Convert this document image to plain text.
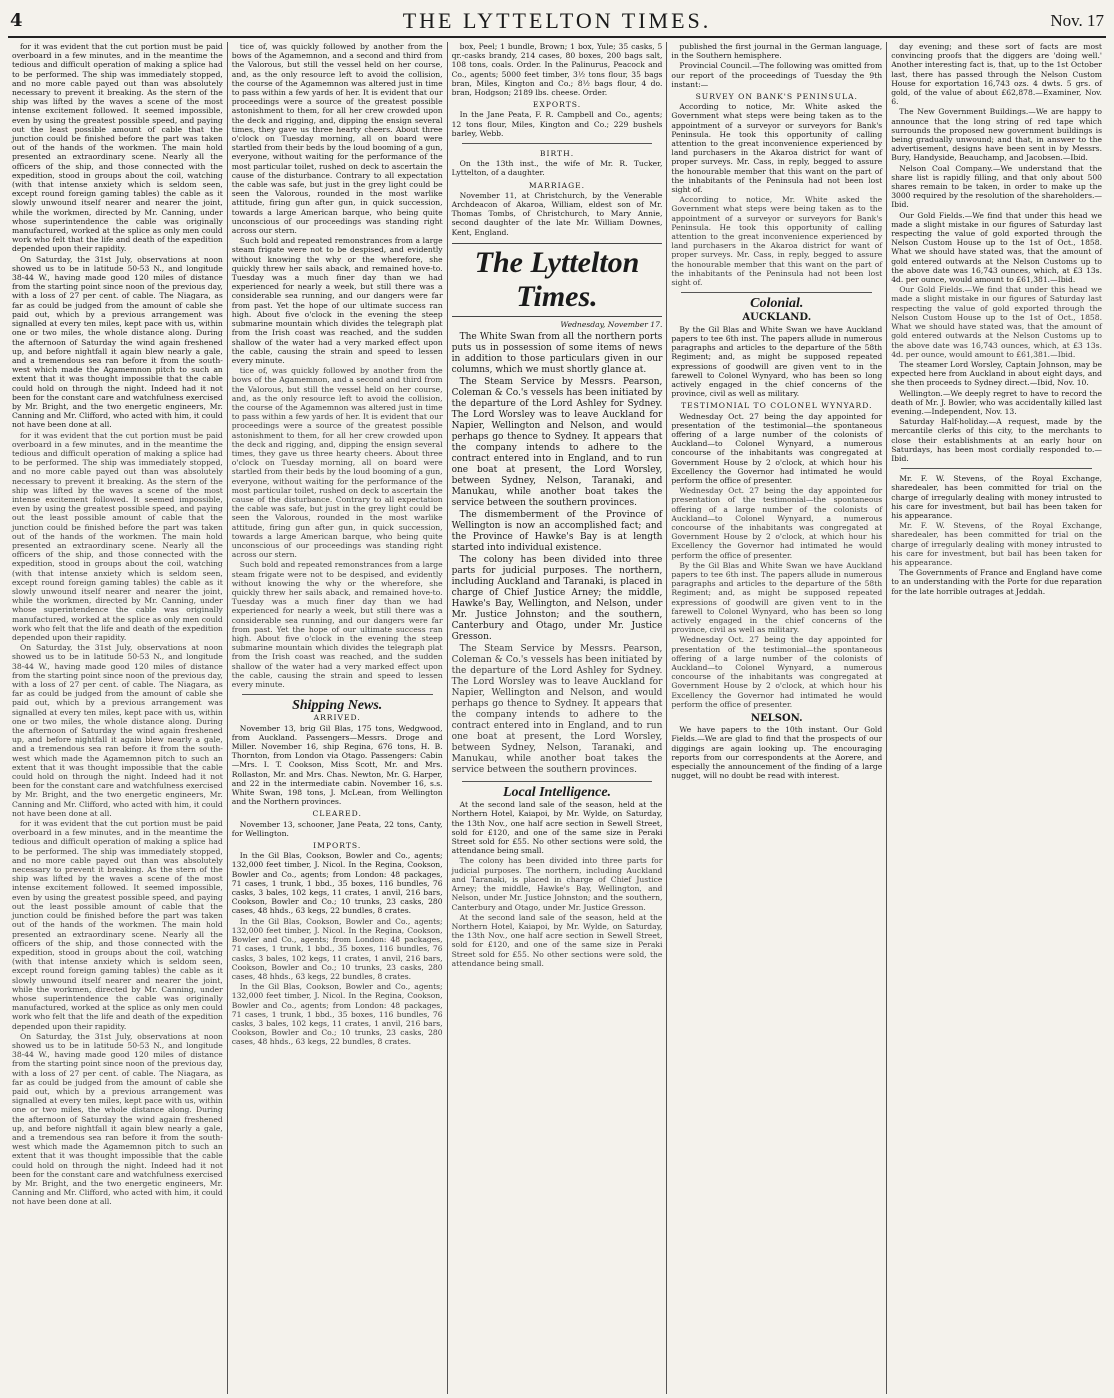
4	THE LYTTELTON TIMES.	Nov. 17

for it was evident that the cut portion must be paid overboard in a few minutes, and in the meantime the tedious and difficult operation of making a splice had to be performed. The ship was immediately stopped, and no more cable payed out than was absolutely necessary to prevent it breaking. As the stern of the ship was lifted by the waves a scene of the most intense excitement followed. It seemed impossible, even by using the greatest possible speed, and paying out the least possible amount of cable that the junction could be finished before the part was taken out of the hands of the workmen. The main hold presented an extraordinary scene. Nearly all the officers of the ship, and those connected with the expedition, stood in groups about the coil, watching (with that intense anxiety which is seldom seen, except round foreign gaming tables) the cable as it slowly unwound itself nearer and nearer the joint, while the workmen, directed by Mr. Canning, under whose superintendence the cable was originally manufactured, worked at the splice as only men could work who felt that the life and death of the expedition depended upon their rapidity.

On Saturday, the 31st July, observations at noon showed us to be in latitude 50-53 N., and longitude 38-44 W., having made good 120 miles of distance from the starting point since noon of the previous day, with a loss of 27 per cent. of cable. The Niagara, as far as could be judged from the amount of cable she paid out, which by a previous arrangement was signalled at every ten miles, kept pace with us, within one or two miles, the whole distance along. During the afternoon of Saturday the wind again freshened up, and before nightfall it again blew nearly a gale, and a tremendous sea ran before it from the south-west which made the Agamemnon pitch to such an extent that it was thought impossible that the cable could hold on through the night. Indeed had it not been for the constant care and watchfulness exercised by Mr. Bright, and the two energetic engineers, Mr. Canning and Mr. Clifford, who acted with him, it could not have been done at all.

for it was evident that the cut portion must be paid overboard in a few minutes, and in the meantime the tedious and difficult operation of making a splice had to be performed. The ship was immediately stopped, and no more cable payed out than was absolutely necessary to prevent it breaking. As the stern of the ship was lifted by the waves a scene of the most intense excitement followed. It seemed impossible, even by using the greatest possible speed, and paying out the least possible amount of cable that the junction could be finished before the part was taken out of the hands of the workmen. The main hold presented an extraordinary scene. Nearly all the officers of the ship, and those connected with the expedition, stood in groups about the coil, watching (with that intense anxiety which is seldom seen, except round foreign gaming tables) the cable as it slowly unwound itself nearer and nearer the joint, while the workmen, directed by Mr. Canning, under whose superintendence the cable was originally manufactured, worked at the splice as only men could work who felt that the life and death of the expedition depended upon their rapidity.

On Saturday, the 31st July, observations at noon showed us to be in latitude 50-53 N., and longitude 38-44 W., having made good 120 miles of distance from the starting point since noon of the previous day, with a loss of 27 per cent. of cable. The Niagara, as far as could be judged from the amount of cable she paid out, which by a previous arrangement was signalled at every ten miles, kept pace with us, within one or two miles, the whole distance along. During the afternoon of Saturday the wind again freshened up, and before nightfall it again blew nearly a gale, and a tremendous sea ran before it from the south-west which made the Agamemnon pitch to such an extent that it was thought impossible that the cable could hold on through the night. Indeed had it not been for the constant care and watchfulness exercised by Mr. Bright, and the two energetic engineers, Mr. Canning and Mr. Clifford, who acted with him, it could not have been done at all.

for it was evident that the cut portion must be paid overboard in a few minutes, and in the meantime the tedious and difficult operation of making a splice had to be performed. The ship was immediately stopped, and no more cable payed out than was absolutely necessary to prevent it breaking. As the stern of the ship was lifted by the waves a scene of the most intense excitement followed. It seemed impossible, even by using the greatest possible speed, and paying out the least possible amount of cable that the junction could be finished before the part was taken out of the hands of the workmen. The main hold presented an extraordinary scene. Nearly all the officers of the ship, and those connected with the expedition, stood in groups about the coil, watching (with that intense anxiety which is seldom seen, except round foreign gaming tables) the cable as it slowly unwound itself nearer and nearer the joint, while the workmen, directed by Mr. Canning, under whose superintendence the cable was originally manufactured, worked at the splice as only men could work who felt that the life and death of the expedition depended upon their rapidity.

On Saturday, the 31st July, observations at noon showed us to be in latitude 50-53 N., and longitude 38-44 W., having made good 120 miles of distance from the starting point since noon of the previous day, with a loss of 27 per cent. of cable. The Niagara, as far as could be judged from the amount of cable she paid out, which by a previous arrangement was signalled at every ten miles, kept pace with us, within one or two miles, the whole distance along. During the afternoon of Saturday the wind again freshened up, and before nightfall it again blew nearly a gale, and a tremendous sea ran before it from the south-west which made the Agamemnon pitch to such an extent that it was thought impossible that the cable could hold on through the night. Indeed had it not been for the constant care and watchfulness exercised by Mr. Bright, and the two energetic engineers, Mr. Canning and Mr. Clifford, who acted with him, it could not have been done at all.

tice of, was quickly followed by another from the bows of the Agamemnon, and a second and third from the Valorous, but still the vessel held on her course, and, as the only resource left to avoid the collision, the course of the Agamemnon was altered just in time to pass within a few yards of her. It is evident that our proceedings were a source of the greatest possible astonishment to them, for all her crew crowded upon the deck and rigging, and, dipping the ensign several times, they gave us three hearty cheers. About three o'clock on Tuesday morning, all on board were startled from their beds by the loud booming of a gun, everyone, without waiting for the performance of the most particular toilet, rushed on deck to ascertain the cause of the disturbance. Contrary to all expectation the cable was safe, but just in the grey light could be seen the Valorous, rounded in the most warlike attitude, firing gun after gun, in quick succession, towards a large American barque, who being quite unconscious of our proceedings was standing right across our stern.

Such bold and repeated remonstrances from a large steam frigate were not to be despised, and evidently without knowing the why or the wherefore, she quickly threw her sails aback, and remained hove-to. Tuesday was a much finer day than we had experienced for nearly a week, but still there was a considerable sea running, and our dangers were far from past. Yet the hope of our ultimate success ran high. About five o'clock in the evening the steep submarine mountain which divides the telegraph plat from the Irish coast was reached, and the sudden shallow of the water had a very marked effect upon the cable, causing the strain and speed to lessen every minute.

tice of, was quickly followed by another from the bows of the Agamemnon, and a second and third from the Valorous, but still the vessel held on her course, and, as the only resource left to avoid the collision, the course of the Agamemnon was altered just in time to pass within a few yards of her. It is evident that our proceedings were a source of the greatest possible astonishment to them, for all her crew crowded upon the deck and rigging, and, dipping the ensign several times, they gave us three hearty cheers. About three o'clock on Tuesday morning, all on board were startled from their beds by the loud booming of a gun, everyone, without waiting for the performance of the most particular toilet, rushed on deck to ascertain the cause of the disturbance. Contrary to all expectation the cable was safe, but just in the grey light could be seen the Valorous, rounded in the most warlike attitude, firing gun after gun, in quick succession, towards a large American barque, who being quite unconscious of our proceedings was standing right across our stern.

Such bold and repeated remonstrances from a large steam frigate were not to be despised, and evidently without knowing the why or the wherefore, she quickly threw her sails aback, and remained hove-to. Tuesday was a much finer day than we had experienced for nearly a week, but still there was a considerable sea running, and our dangers were far from past. Yet the hope of our ultimate success ran high. About five o'clock in the evening the steep submarine mountain which divides the telegraph plat from the Irish coast was reached, and the sudden shallow of the water had a very marked effect upon the cable, causing the strain and speed to lessen every minute.

Shipping News.
ARRIVED.

November 13, brig Gil Blas, 175 tons, Wedgwood, from Auckland. Passengers—Messrs. Droge and Miller. November 16, ship Regina, 676 tons, H. B. Thornton, from London via Otago. Passengers: Cabin—Mrs. I. T. Cookson, Miss Scott, Mr. and Mrs. Rollaston, Mr. and Mrs. Chas. Newton, Mr. G. Harper, and 22 in the intermediate cabin. November 16, s.s. White Swan, 198 tons, J. McLean, from Wellington and the Northern provinces.

CLEARED.

November 13, schooner, Jane Peata, 22 tons, Canty, for Wellington.

IMPORTS.

In the Gil Blas, Cookson, Bowler and Co., agents; 132,000 feet timber, J. Nicol. In the Regina, Cookson, Bowler and Co., agents; from London: 48 packages, 71 cases, 1 trunk, 1 bbd., 35 boxes, 116 bundles, 76 casks, 3 bales, 102 kegs, 11 crates, 1 anvil, 216 bars, Cookson, Bowler and Co.; 10 trunks, 23 casks, 280 cases, 48 hhds., 63 kegs, 22 bundles, 8 crates.

In the Gil Blas, Cookson, Bowler and Co., agents; 132,000 feet timber, J. Nicol. In the Regina, Cookson, Bowler and Co., agents; from London: 48 packages, 71 cases, 1 trunk, 1 bbd., 35 boxes, 116 bundles, 76 casks, 3 bales, 102 kegs, 11 crates, 1 anvil, 216 bars, Cookson, Bowler and Co.; 10 trunks, 23 casks, 280 cases, 48 hhds., 63 kegs, 22 bundles, 8 crates.

In the Gil Blas, Cookson, Bowler and Co., agents; 132,000 feet timber, J. Nicol. In the Regina, Cookson, Bowler and Co., agents; from London: 48 packages, 71 cases, 1 trunk, 1 bbd., 35 boxes, 116 bundles, 76 casks, 3 bales, 102 kegs, 11 crates, 1 anvil, 216 bars, Cookson, Bowler and Co.; 10 trunks, 23 casks, 280 cases, 48 hhds., 63 kegs, 22 bundles, 8 crates.

box, Peel; 1 bundle, Brown; 1 box, Yule; 35 casks, 5 qr.-casks brandy, 214 cases, 80 boxes, 200 bags salt, 108 tons, coals. Order. In the Palinurus, Peacock and Co., agents; 5000 feet timber, 3½ tons flour, 35 bags bran, Miles, Kington and Co.; 8½ bags flour, 4 do. bran, Hodgson; 2189 lbs. cheese. Order.

EXPORTS.

In the Jane Peata, F. R. Campbell and Co., agents; 12 tons flour, Miles, Kington and Co.; 229 bushels barley, Webb.

BIRTH.

On the 13th inst., the wife of Mr. R. Tucker, Lyttelton, of a daughter.

MARRIAGE.

November 11, at Christchurch, by the Venerable Archdeacon of Akaroa, William, eldest son of Mr. Thomas Tombs, of Christchurch, to Mary Annie, second daughter of the late Mr. William Downes, Kent, England.

The Lyttelton Times.
Wednesday, November 17.

The White Swan from all the northern ports puts us in possession of some items of news in addition to those particulars given in our columns, which we must shortly glance at.

The Steam Service by Messrs. Pearson, Coleman & Co.'s vessels has been initiated by the departure of the Lord Ashley for Sydney. The Lord Worsley was to leave Auckland for Napier, Wellington and Nelson, and would perhaps go thence to Sydney. It appears that the company intends to adhere to the contract entered into in England, and to run one boat at present, the Lord Worsley, between Sydney, Nelson, Taranaki, and Manukau, while another boat takes the service between the southern provinces.

The dismemberment of the Province of Wellington is now an accomplished fact; and the Province of Hawke's Bay is at length started into individual existence.

The colony has been divided into three parts for judicial purposes. The northern, including Auckland and Taranaki, is placed in charge of Chief Justice Arney; the middle, Hawke's Bay, Wellington, and Nelson, under Mr. Justice Johnston; and the southern, Canterbury and Otago, under Mr. Justice Gresson.

The Steam Service by Messrs. Pearson, Coleman & Co.'s vessels has been initiated by the departure of the Lord Ashley for Sydney. The Lord Worsley was to leave Auckland for Napier, Wellington and Nelson, and would perhaps go thence to Sydney. It appears that the company intends to adhere to the contract entered into in England, and to run one boat at present, the Lord Worsley, between Sydney, Nelson, Taranaki, and Manukau, while another boat takes the service between the southern provinces.

Local Intelligence.

At the second land sale of the season, held at the Northern Hotel, Kaiapoi, by Mr. Wylde, on Saturday, the 13th Nov., one half acre section in Sewell Street, sold for £120, and one of the same size in Peraki Street sold for £55. No other sections were sold, the attendance being small.

The colony has been divided into three parts for judicial purposes. The northern, including Auckland and Taranaki, is placed in charge of Chief Justice Arney; the middle, Hawke's Bay, Wellington, and Nelson, under Mr. Justice Johnston; and the southern, Canterbury and Otago, under Mr. Justice Gresson.

At the second land sale of the season, held at the Northern Hotel, Kaiapoi, by Mr. Wylde, on Saturday, the 13th Nov., one half acre section in Sewell Street, sold for £120, and one of the same size in Peraki Street sold for £55. No other sections were sold, the attendance being small.

published the first journal in the German language, in the Southern hemisphere.

Provincial Council.—The following was omitted from our report of the proceedings of Tuesday the 9th instant:—

SURVEY ON BANK'S PENINSULA.

According to notice, Mr. White asked the Government what steps were being taken as to the appointment of a surveyor or surveyors for Bank's Peninsula. He took this opportunity of calling attention to the great inconvenience experienced by land purchasers in the Akaroa district for want of proper surveys. Mr. Cass, in reply, begged to assure the honourable member that this want on the part of the inhabitants of the Peninsula had not been lost sight of.

According to notice, Mr. White asked the Government what steps were being taken as to the appointment of a surveyor or surveyors for Bank's Peninsula. He took this opportunity of calling attention to the great inconvenience experienced by land purchasers in the Akaroa district for want of proper surveys. Mr. Cass, in reply, begged to assure the honourable member that this want on the part of the inhabitants of the Peninsula had not been lost sight of.

Colonial.
AUCKLAND.

By the Gil Blas and White Swan we have Auckland papers to tee 6th inst. The papers allude in numerous paragraphs and articles to the departure of the 58th Regiment; and, as might be supposed repeated expressions of goodwill are given vent to in the farewell to Colonel Wynyard, who has been so long actively engaged in the chief concerns of the province, civil as well as military.

TESTIMONIAL TO COLONEL WYNYARD.

Wednesday Oct. 27 being the day appointed for presentation of the testimonial—the spontaneous offering of a large number of the colonists of Auckland—to Colonel Wynyard, a numerous concourse of the inhabitants was congregated at Government House by 2 o'clock, at which hour his Excellency the Governor had intimated he would perform the office of presenter.

Wednesday Oct. 27 being the day appointed for presentation of the testimonial—the spontaneous offering of a large number of the colonists of Auckland—to Colonel Wynyard, a numerous concourse of the inhabitants was congregated at Government House by 2 o'clock, at which hour his Excellency the Governor had intimated he would perform the office of presenter.

By the Gil Blas and White Swan we have Auckland papers to tee 6th inst. The papers allude in numerous paragraphs and articles to the departure of the 58th Regiment; and, as might be supposed repeated expressions of goodwill are given vent to in the farewell to Colonel Wynyard, who has been so long actively engaged in the chief concerns of the province, civil as well as military.

Wednesday Oct. 27 being the day appointed for presentation of the testimonial—the spontaneous offering of a large number of the colonists of Auckland—to Colonel Wynyard, a numerous concourse of the inhabitants was congregated at Government House by 2 o'clock, at which hour his Excellency the Governor had intimated he would perform the office of presenter.

NELSON.

We have papers to the 10th instant. Our Gold Fields.—We are glad to find that the prospects of our diggings are again looking up. The encouraging reports from our correspondents at the Aorere, and especially the announcement of the finding of a large nugget, will no doubt be read with interest.

day evening; and these sort of facts are most convincing proofs that the diggers are 'doing well.' Another interesting fact is, that, up to the 1st October last, there has passed through the Nelson Custom House for exportation 16,743 ozs. 4 dwts. 5 grs. of gold, of the value of about £62,878.—Examiner, Nov. 6.

The New Government Buildings.—We are happy to announce that the long string of red tape which surrounds the proposed new government buildings is being gradually unwound; and that, in answer to the advertisement, designs have been sent in by Messrs. Bury, Handyside, Beauchamp, and Jacobsen.—Ibid.

Nelson Coal Company.—We understand that the share list is rapidly filling, and that only about 500 shares remain to be taken, in order to make up the 3000 required by the resolution of the shareholders.—Ibid.

Our Gold Fields.—We find that under this head we made a slight mistake in our figures of Saturday last respecting the value of gold exported through the Nelson Custom House up to the 1st of Oct., 1858. What we should have stated was, that the amount of gold entered outwards at the Nelson Customs up to the above date was 16,743 ounces, which, at £3 13s. 4d. per ounce, would amount to £61,381.—Ibid.

Our Gold Fields.—We find that under this head we made a slight mistake in our figures of Saturday last respecting the value of gold exported through the Nelson Custom House up to the 1st of Oct., 1858. What we should have stated was, that the amount of gold entered outwards at the Nelson Customs up to the above date was 16,743 ounces, which, at £3 13s. 4d. per ounce, would amount to £61,381.—Ibid.

The steamer Lord Worsley, Captain Johnson, may be expected here from Auckland in about eight days, and she then proceeds to Sydney direct.—Ibid, Nov. 10.

Wellington.—We deeply regret to have to record the death of Mr. J. Bowler, who was accidentally killed last evening.—Independent, Nov. 13.

Saturday Half-holiday.—A request, made by the mercantile clerks of this city, to the merchants to close their establishments at an early hour on Saturdays, has been most cordially responded to.—Ibid.

Mr. F. W. Stevens, of the Royal Exchange, sharedealer, has been committed for trial on the charge of irregularly dealing with money intrusted to his care for investment, but bail has been taken for his appearance.

Mr. F. W. Stevens, of the Royal Exchange, sharedealer, has been committed for trial on the charge of irregularly dealing with money intrusted to his care for investment, but bail has been taken for his appearance.

The Governments of France and England have come to an understanding with the Porte for due reparation for the late horrible outrages at Jeddah.
